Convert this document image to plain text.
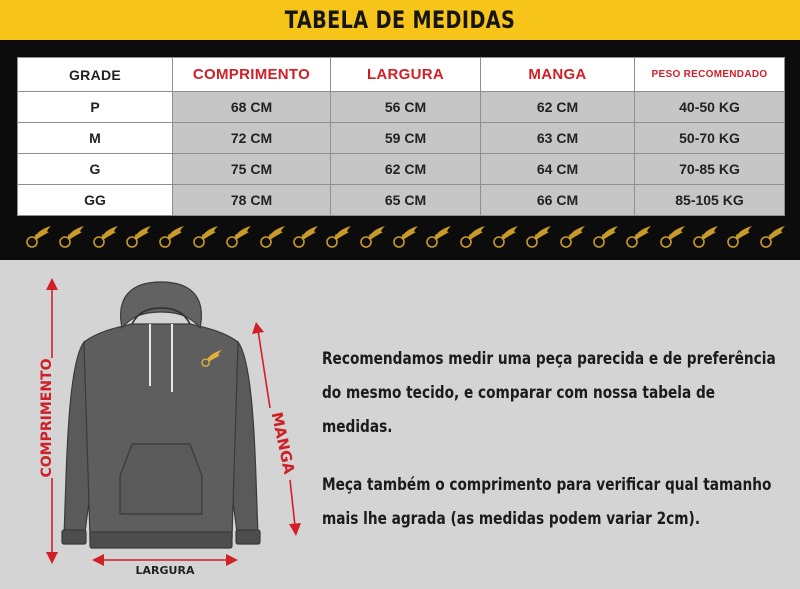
TABELA DE MEDIDAS
GRADE	COMPRIMENTO	LARGURA	MANGA	PESO RECOMENDADO
P	68 CM	56 CM	62 CM	40-50 KG
M	72 CM	59 CM	63 CM	50-70 KG
G	75 CM	62 CM	64 CM	70-85 KG
GG	78 CM	65 CM	66 CM	85-105 KG
COMPRIMENTO	MANGA
LARGURA

Recomendamos medir uma peça parecida e de preferência
do mesmo tecido, e comparar com nossa tabela de medidas.

Meça também o comprimento para verificar qual tamanho
mais lhe agrada (as medidas podem variar 2cm).
